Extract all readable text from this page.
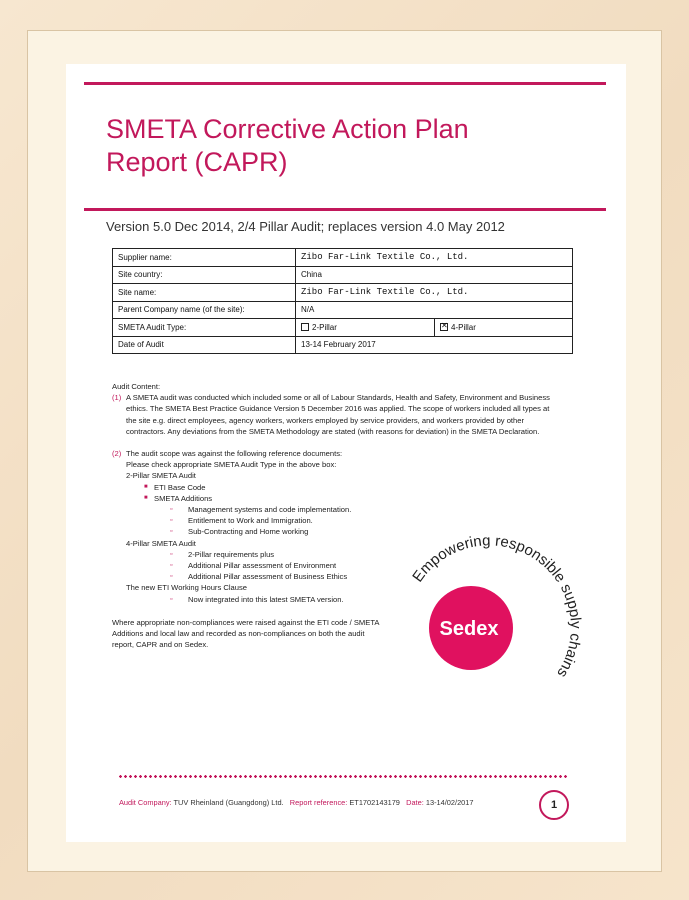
SMETA Corrective Action Plan
Report (CAPR)
Version 5.0 Dec 2014, 2/4 Pillar Audit; replaces version 4.0 May 2012
Supplier name:	Zibo Far-Link Textile Co., Ltd.	
Site country:	China	
Site name:	Zibo Far-Link Textile Co., Ltd.	
Parent Company name (of the site):	N/A	
SMETA Audit Type:	2-Pillar	✕4-Pillar
Date of Audit	13-14 February 2017	
Audit Content:
(1) A SMETA audit was conducted which included some or all of Labour Standards, Health and Safety, Environment and Business ethics. The SMETA Best Practice Guidance Version 5 December 2016 was applied. The scope of workers included all types at the site e.g. direct employees, agency workers, workers employed by service providers, and workers provided by other contractors. Any deviations from the SMETA Methodology are stated (with reasons for deviation) in the SMETA Declaration.
(2) The audit scope was against the following reference documents:
Please check appropriate SMETA Audit Type in the above box:
2-Pillar SMETA Audit
■ ETI Base Code
■ SMETA Additions
▫ Management systems and code implementation.
▫ Entitlement to Work and Immigration.
▫ Sub-Contracting and Home working
4-Pillar SMETA Audit
▫ 2-Pillar requirements plus
▫ Additional Pillar assessment of Environment
▫ Additional Pillar assessment of Business Ethics
The new ETI Working Hours Clause
▫ Now integrated into this latest SMETA version.
Where appropriate non-compliances were raised against the ETI code / SMETA Additions and local law and recorded as non-compliances on both the audit report, CAPR and on Sedex.
Empowering responsible supply chains
Sedex
Audit Company: TUV Rheinland (Guangdong) Ltd. Report reference: ET1702143179 Date: 13-14/02/2017	1
